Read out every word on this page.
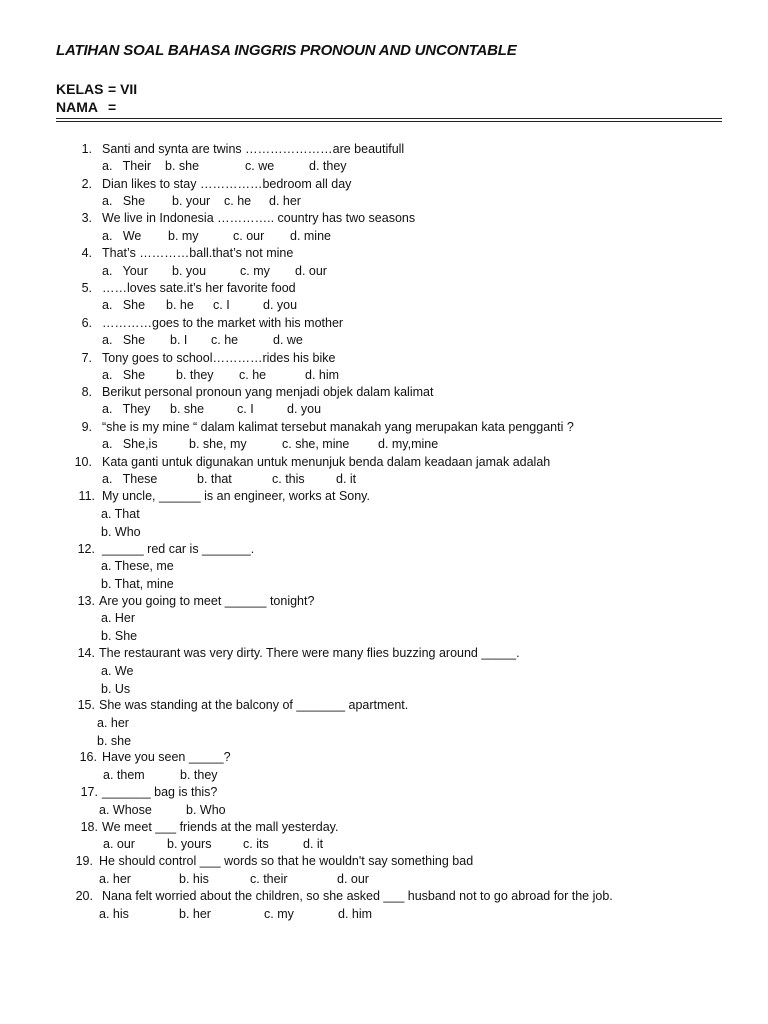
LATIHAN SOAL BAHASA INGGRIS PRONOUN AND UNCONTABLE
KELAS = VII
NAMA =
1. Santi and synta are twins …………………are beautifull
a.   Their b. she	c. we	d. they
2. Dian likes to stay ……………bedroom all day
a.   She b. your c. he d. her
3. We live in Indonesia ………….. country has two seasons
a.   We b. my	c. our d. mine
4. That’s …………ball.that’s not mine
a.   Your b. you	c. my d. our
5. ……loves sate.it’s her favorite food
a.   She b. he c. I	d. you
6. …………goes to the market with his mother
a.   She b. I c. he	d. we
7. Tony goes to school…………rides his bike
a.   She b. they c. he	d. him
8. Berikut personal pronoun yang menjadi objek dalam kalimat
a.   They b. she	c. I	d. you
9. “she is my mine “ dalam kalimat tersebut manakah yang merupakan kata pengganti ?
a.   She,is	b. she, my	c. she, mine d. my,mine
10. Kata ganti untuk digunakan untuk menunjuk benda dalam keadaan jamak adalah
a.   These	b. that	c. this	d. it
11. My uncle, ______ is an engineer, works at Sony.
a. That
b. Who
12. ______ red car is _______.
a. These, me
b. That, mine
13. Are you going to meet ______ tonight?
a. Her
b. She
14. The restaurant was very dirty. There were many flies buzzing around _____.
a. We
b. Us
15. She was standing at the balcony of _______ apartment.
a. her
b. she
16. Have you seen _____?
a. them	b. they
17. _______ bag is this?
a. Whose	b. Who
18. We meet ___ friends at the mall yesterday.
a. our	b. yours	c. its	d. it
19. He should control ___ words so that he wouldn't say something bad
a. her	b. his	c. their	d. our
20. Nana felt worried about the children, so she asked ___ husband not to go abroad for the job.
a. his	b. her	c. my	d. him
